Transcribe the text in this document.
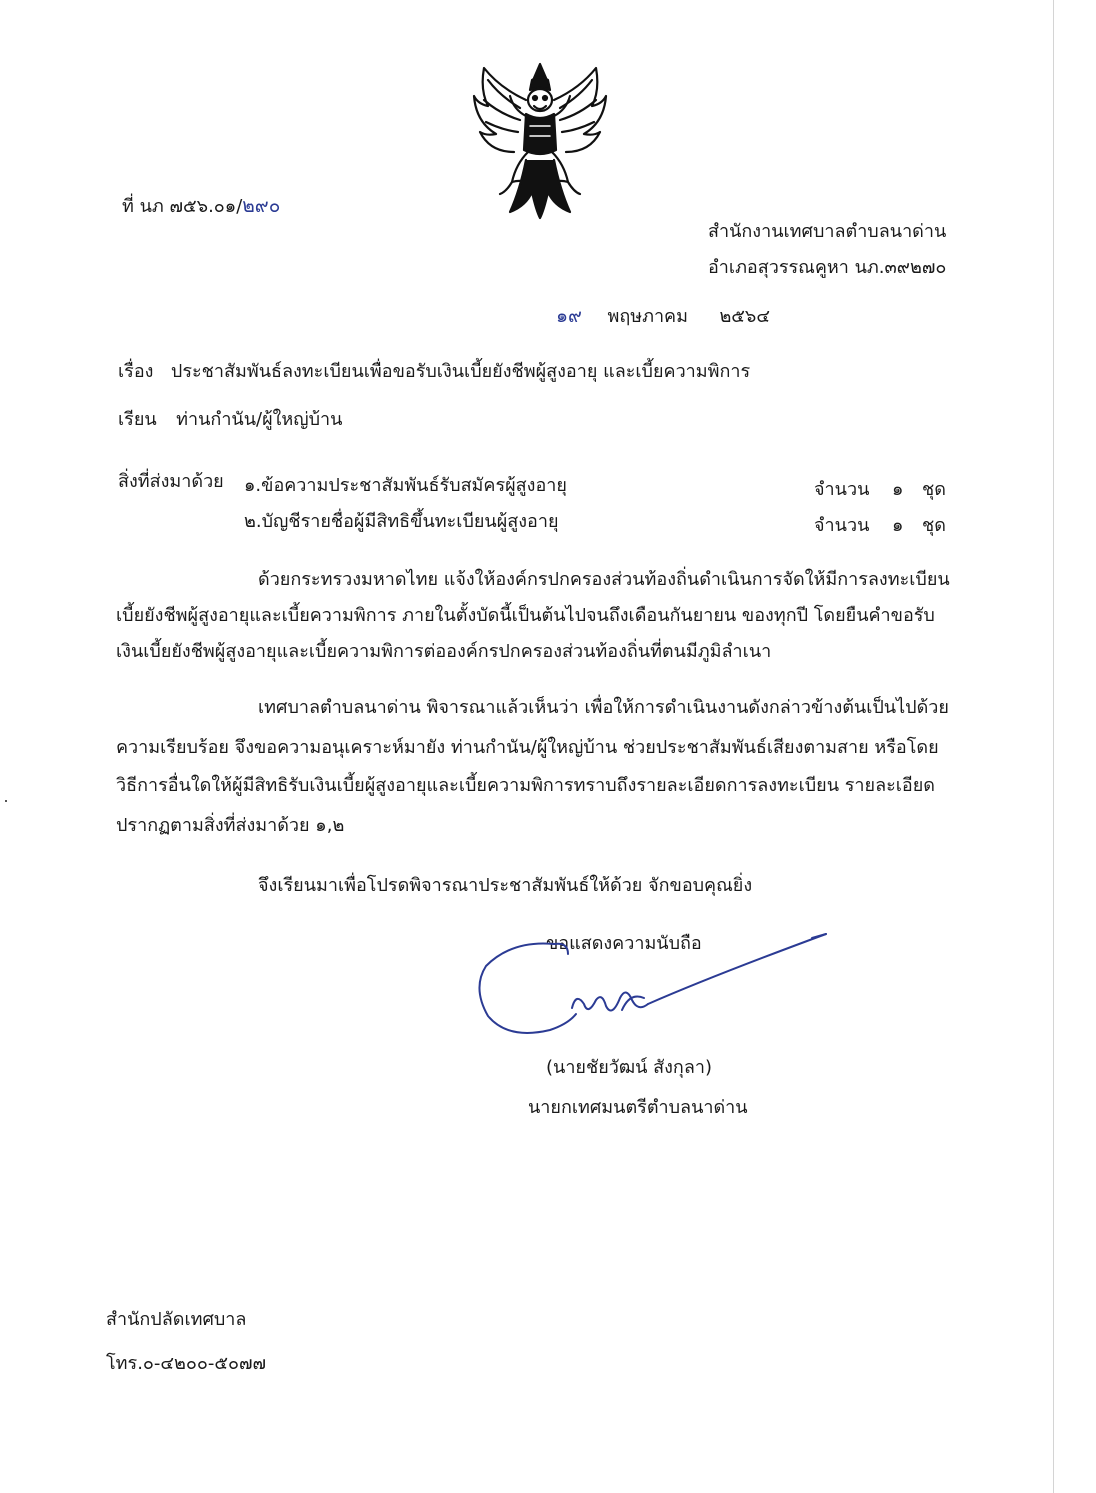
ที่ นภ ๗๕๖.๐๑/๒๙๐
สำนักงานเทศบาลตำบลนาด่าน
อำเภอสุวรรณคูหา นภ.๓๙๒๗๐
๑๙ พฤษภาคม ๒๕๖๔
เรื่อง ประชาสัมพันธ์ลงทะเบียนเพื่อขอรับเงินเบี้ยยังชีพผู้สูงอายุ และเบี้ยความพิการ
เรียน ท่านกำนัน/ผู้ใหญ่บ้าน
สิ่งที่ส่งมาด้วย ๑.ข้อความประชาสัมพันธ์รับสมัครผู้สูงอายุ	จำนวน ๑ ชุด
๒.บัญชีรายชื่อผู้มีสิทธิขึ้นทะเบียนผู้สูงอายุ	จำนวน ๑ ชุด
ด้วยกระทรวงมหาดไทย แจ้งให้องค์กรปกครองส่วนท้องถิ่นดำเนินการจัดให้มีการลงทะเบียน
เบี้ยยังชีพผู้สูงอายุและเบี้ยความพิการ ภายในตั้งบัดนี้เป็นต้นไปจนถึงเดือนกันยายน ของทุกปี โดยยืนคำขอรับ
เงินเบี้ยยังชีพผู้สูงอายุและเบี้ยความพิการต่อองค์กรปกครองส่วนท้องถิ่นที่ตนมีภูมิลำเนา
เทศบาลตำบลนาด่าน พิจารณาแล้วเห็นว่า เพื่อให้การดำเนินงานดังกล่าวข้างต้นเป็นไปด้วย
ความเรียบร้อย จึงขอความอนุเคราะห์มายัง ท่านกำนัน/ผู้ใหญ่บ้าน ช่วยประชาสัมพันธ์เสียงตามสาย หรือโดย
วิธีการอื่นใดให้ผู้มีสิทธิรับเงินเบี้ยผู้สูงอายุและเบี้ยความพิการทราบถึงรายละเอียดการลงทะเบียน รายละเอียด
ปรากฏตามสิ่งที่ส่งมาด้วย ๑,๒
จึงเรียนมาเพื่อโปรดพิจารณาประชาสัมพันธ์ให้ด้วย จักขอบคุณยิ่ง
ขอแสดงความนับถือ
(นายชัยวัฒน์ สังกุลา)
นายกเทศมนตรีตำบลนาด่าน
สำนักปลัดเทศบาล
โทร.๐-๔๒๐๐-๕๐๗๗
